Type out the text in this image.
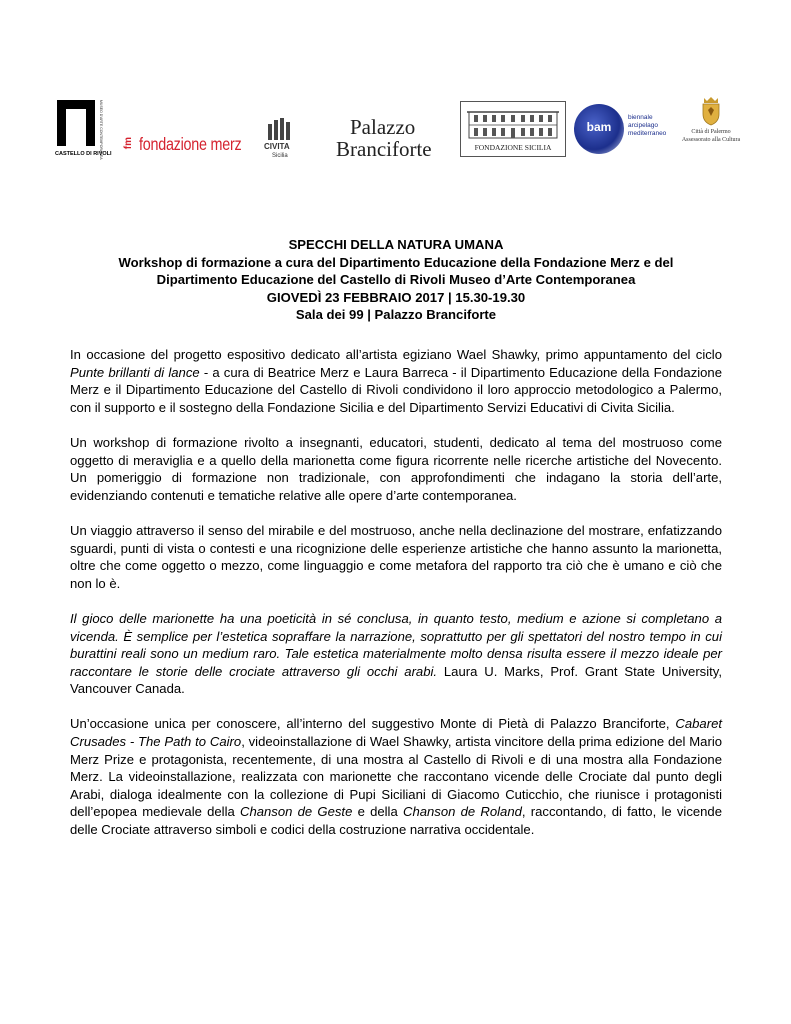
MUSEO D'ARTE CONTEMPORANEA
CASTELLO DI RIVOLI
fm fondazione merz	CIVITA
Sicilia
Palazzo
Branciforte	FONDAZIONE SICILIA
bam
biennale
arcipelago
mediterraneo	Città di Palermo
Assessorato alla Cultura
SPECCHI DELLA NATURA UMANA
Workshop di formazione a cura del Dipartimento Educazione della Fondazione Merz e del
Dipartimento Educazione del Castello di Rivoli Museo d’Arte Contemporanea
GIOVEDÌ 23 FEBBRAIO 2017 | 15.30-19.30
Sala dei 99 | Palazzo Branciforte

In occasione del progetto espositivo dedicato all’artista egiziano Wael Shawky, primo appuntamento del ciclo Punte brillanti di lance - a cura di Beatrice Merz e Laura Barreca - il Dipartimento Educazione della Fondazione Merz e il Dipartimento Educazione del Castello di Rivoli condividono il loro approccio metodologico a Palermo, con il supporto e il sostegno della Fondazione Sicilia e del Dipartimento Servizi Educativi di Civita Sicilia.

Un workshop di formazione rivolto a insegnanti, educatori, studenti, dedicato al tema del mostruoso come oggetto di meraviglia e a quello della marionetta come figura ricorrente nelle ricerche artistiche del Novecento. Un pomeriggio di formazione non tradizionale, con approfondimenti che indagano la storia dell’arte, evidenziando contenuti e tematiche relative alle opere d’arte contemporanea.

Un viaggio attraverso il senso del mirabile e del mostruoso, anche nella declinazione del mostrare, enfatizzando sguardi, punti di vista o contesti e una ricognizione delle esperienze artistiche che hanno assunto la marionetta, oltre che come oggetto o mezzo, come linguaggio e come metafora del rapporto tra ciò che è umano e ciò che non lo è.

Il gioco delle marionette ha una poeticità in sé conclusa, in quanto testo, medium e azione si completano a vicenda. È semplice per l’estetica sopraffare la narrazione, soprattutto per gli spettatori del nostro tempo in cui burattini reali sono un medium raro. Tale estetica materialmente molto densa risulta essere il mezzo ideale per raccontare le storie delle crociate attraverso gli occhi arabi. Laura U. Marks, Prof. Grant State University, Vancouver Canada.

Un’occasione unica per conoscere, all’interno del suggestivo Monte di Pietà di Palazzo Branciforte, Cabaret Crusades - The Path to Cairo, videoinstallazione di Wael Shawky, artista vincitore della prima edizione del Mario Merz Prize e protagonista, recentemente, di una mostra al Castello di Rivoli e di una mostra alla Fondazione Merz. La videoinstallazione, realizzata con marionette che raccontano vicende delle Crociate dal punto degli Arabi, dialoga idealmente con la collezione di Pupi Siciliani di Giacomo Cuticchio, che riunisce i protagonisti dell’epopea medievale della Chanson de Geste e della Chanson de Roland, raccontando, di fatto, le vicende delle Crociate attraverso simboli e codici della costruzione narrativa occidentale.
